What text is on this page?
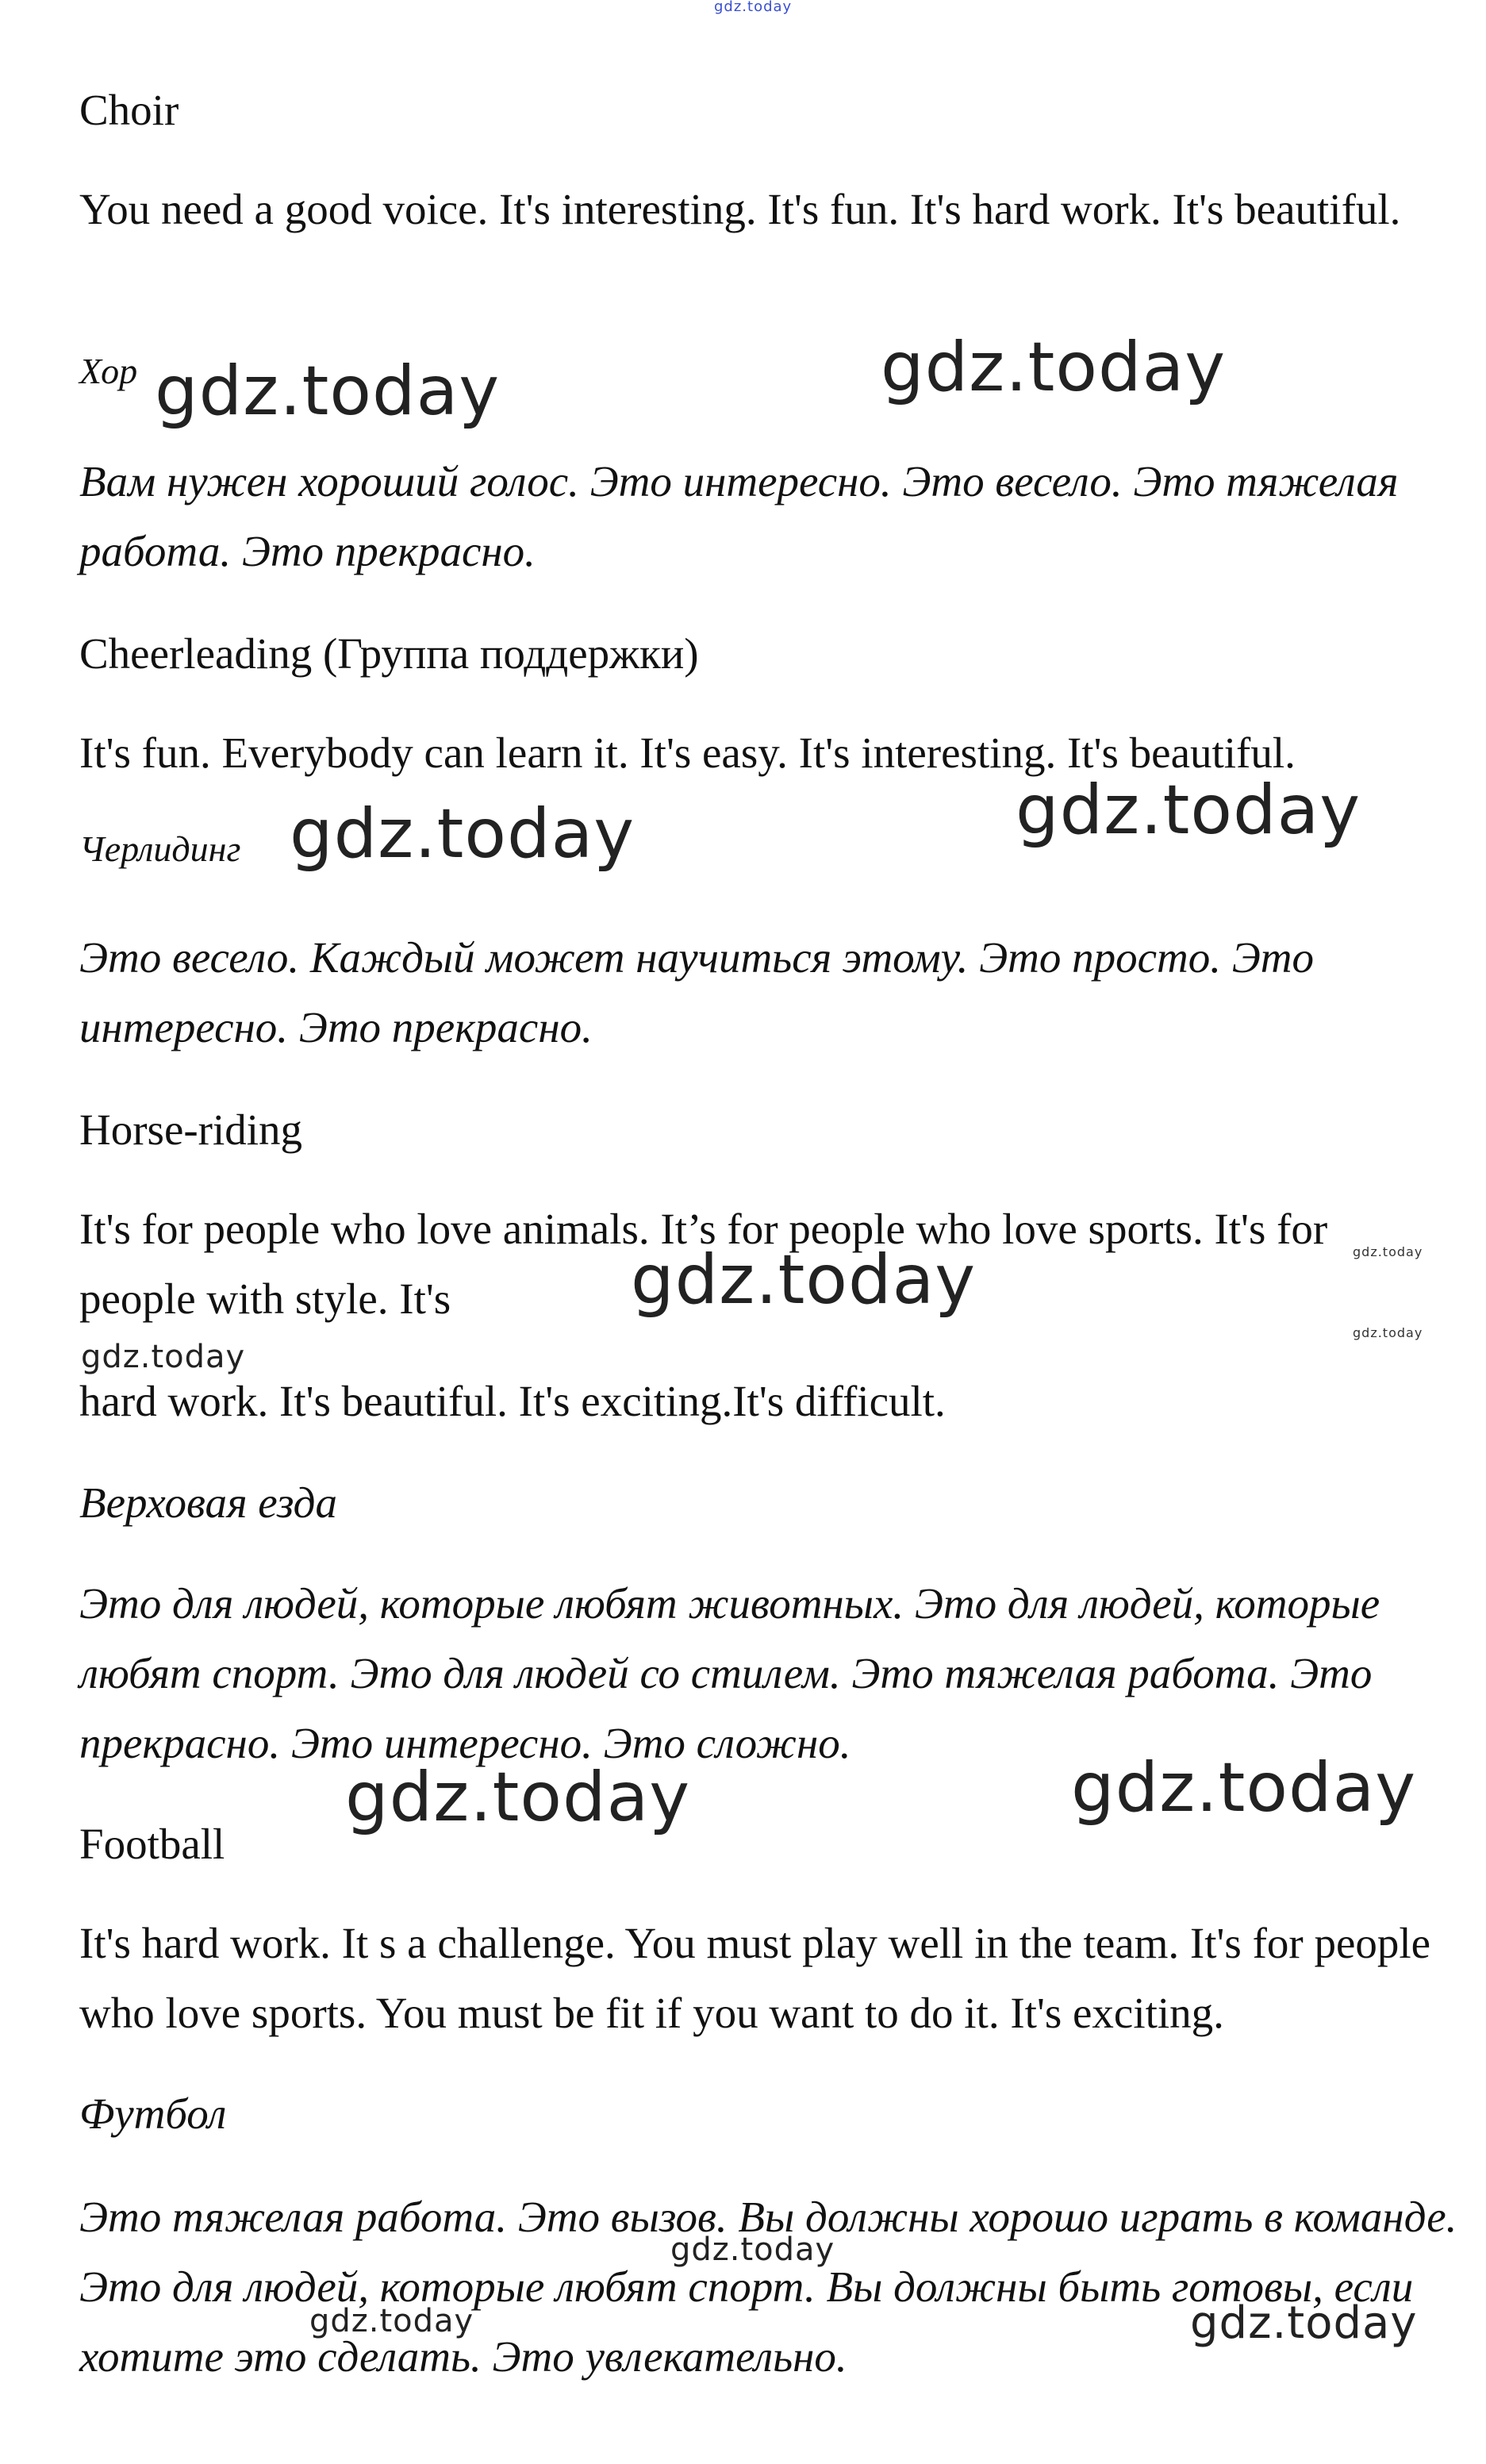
Choir

You need a good voice. It's interesting. It's fun. It's hard work. It's beautiful.

Хор

Вам нужен хороший голос. Это интересно. Это весело. Это тяжелая работа. Это прекрасно.

Cheerleading (Группа поддержки)

It's fun. Everybody can learn it. It's easy. It's interesting. It's beautiful.

Черлидинг

Это весело. Каждый может научиться этому. Это просто. Это интересно. Это прекрасно.

Horse-riding

It's for people who love animals. It’s for people who love sports. It's for

people with style. It's

hard work. It's beautiful. It's exciting.It's difficult.

Верховая езда

Это для людей, которые любят животных. Это для людей, которые любят спорт. Это для людей со стилем. Это тяжелая работа. Это прекрасно. Это интересно. Это сложно.

Football

It's hard work. It s a challenge. You must play well in the team. It's for people who love sports. You must be fit if you want to do it. It's exciting.

Футбол

Это тяжелая работа. Это вызов. Вы должны хорошо играть в команде. Это для людей, которые любят спорт. Вы должны быть готовы, если хотите это сделать. Это увлекательно.

gdz.today

gdz.today	gdz.today

gdz.today	gdz.today

gdz.today	gdz.today

gdz.today

gdz.today

gdz.today	gdz.today

gdz.today

gdz.today	gdz.today
